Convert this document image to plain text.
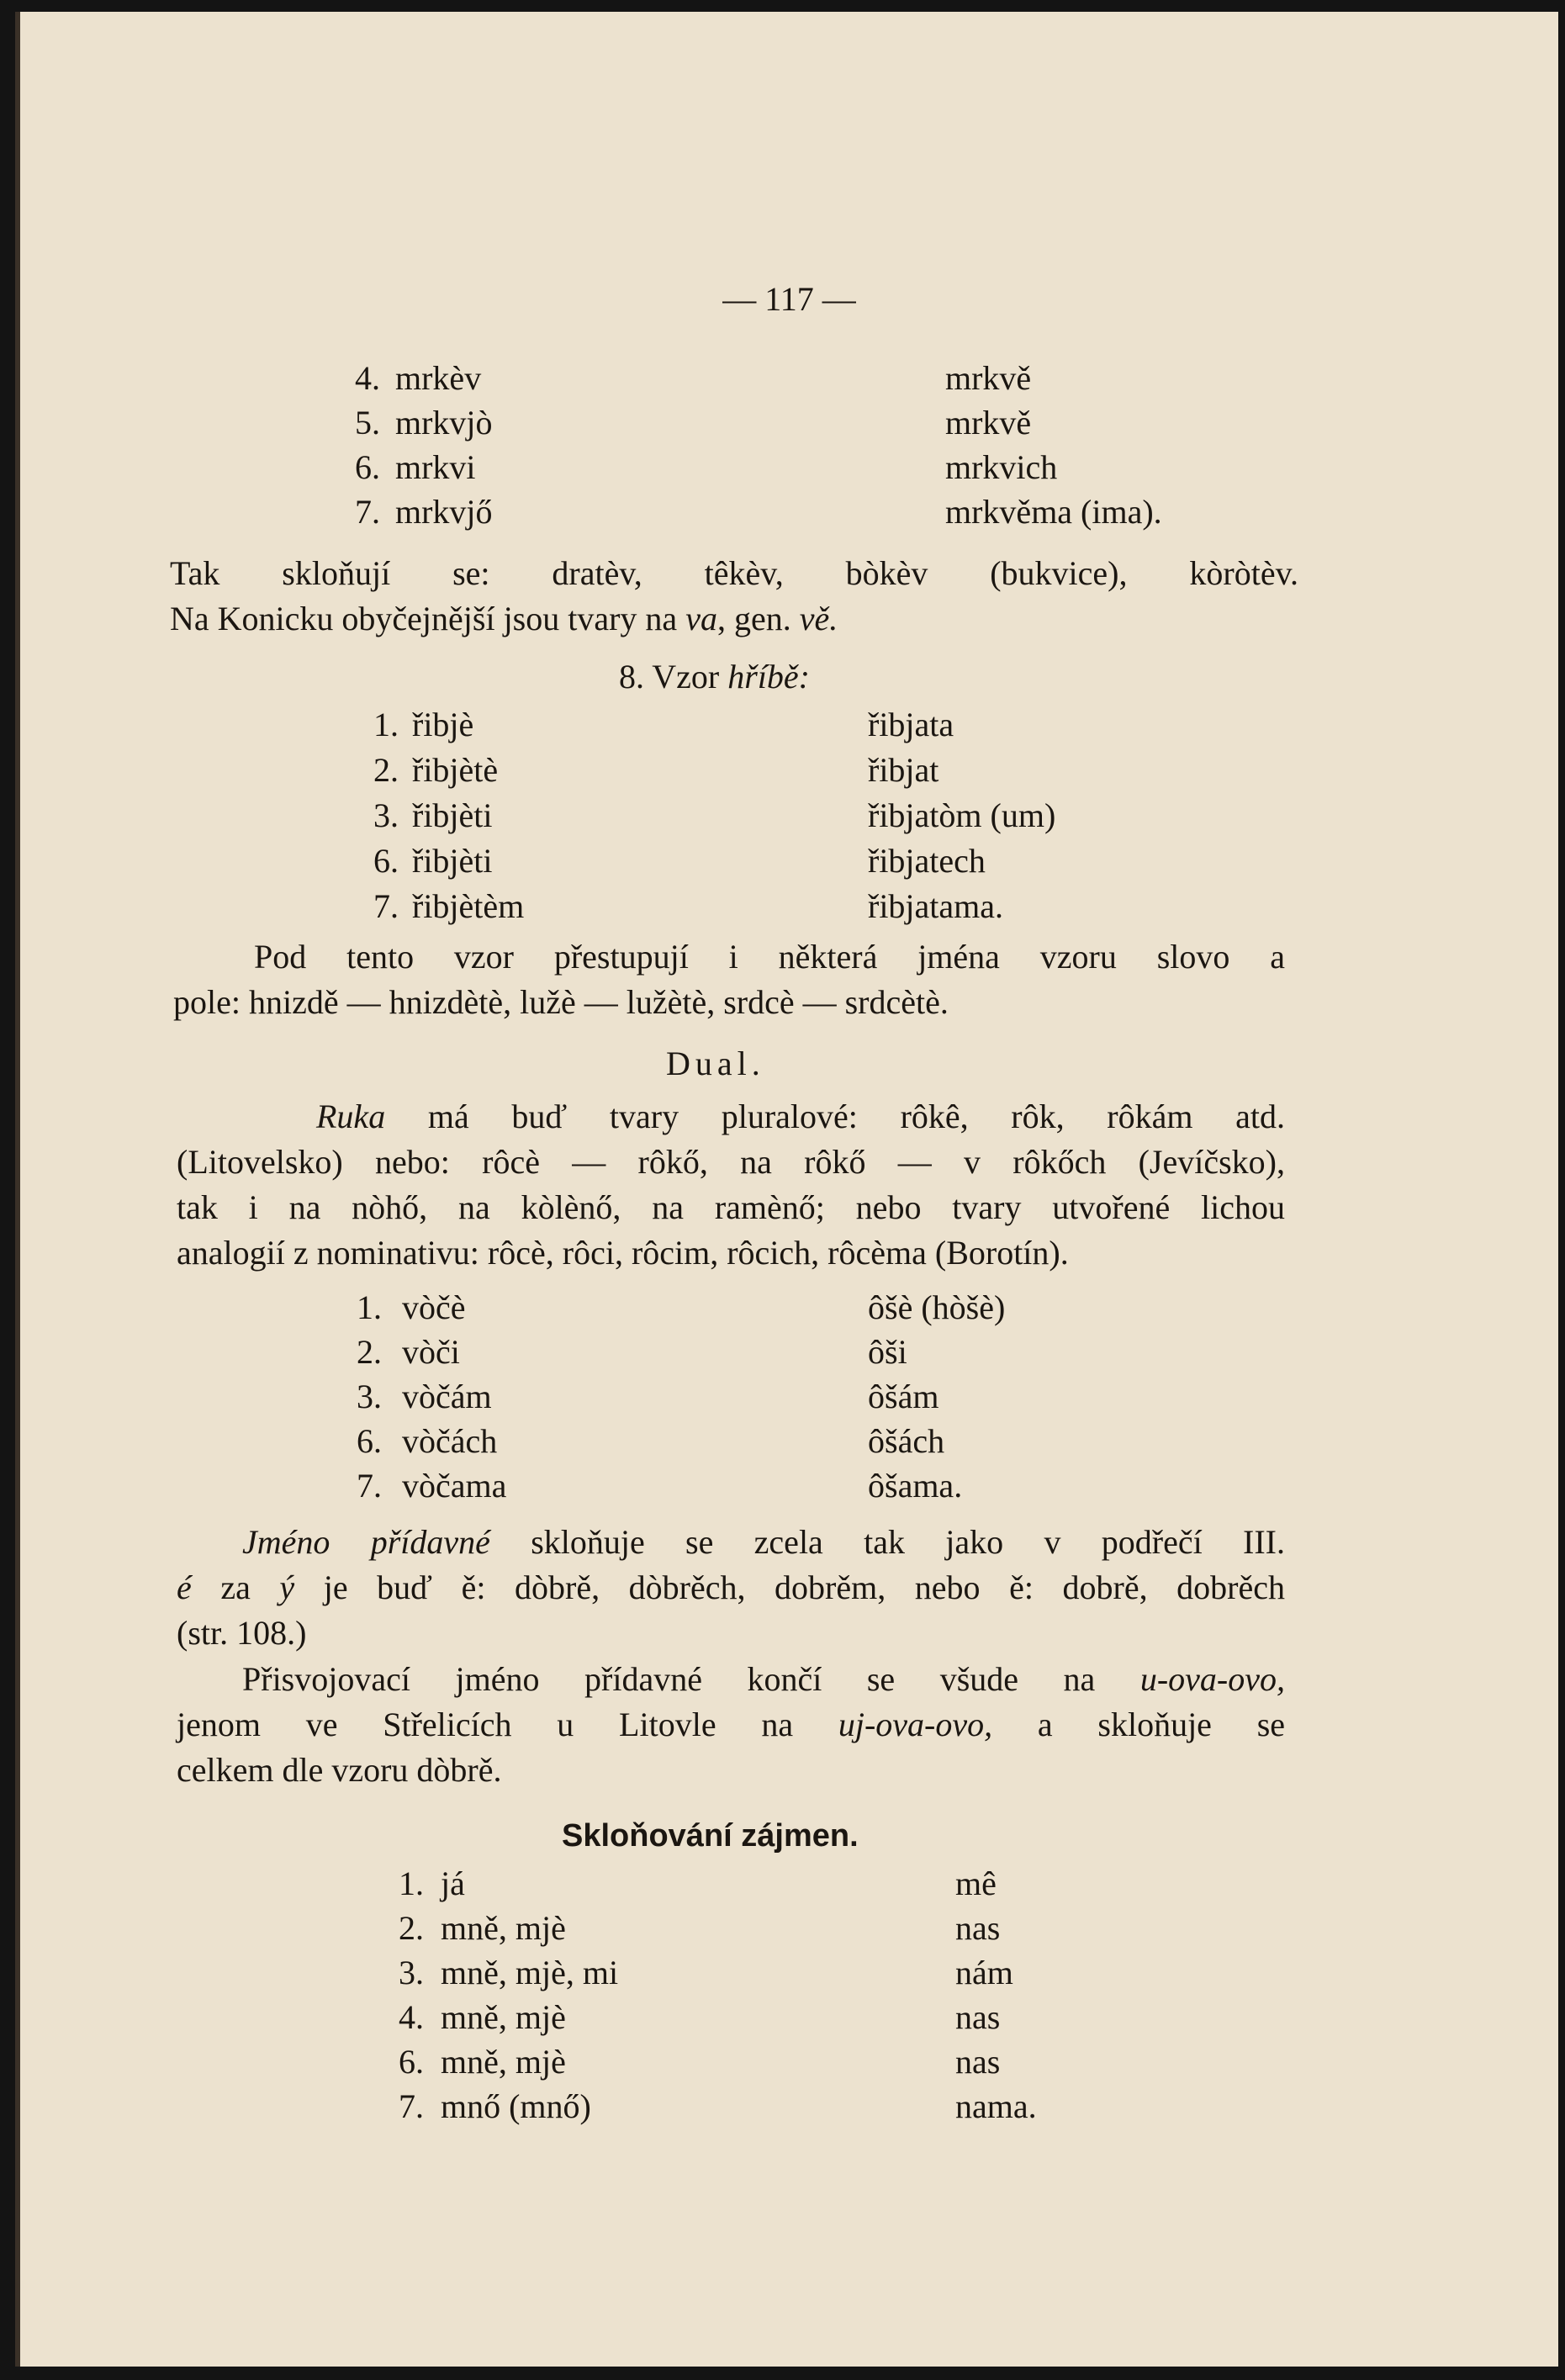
— 117 —
4. mrkèv	mrkvě
5. mrkvjò	mrkvě
6. mrkvi	mrkvich
7. mrkvjő	mrkvěma (ima).
Tak skloňují se: dratèv, têkèv, bòkèv (bukvice), kòròtèv.
Na Konicku obyčejnější jsou tvary na va, gen. vě.
8. Vzor hříbě:
1. řibjè	řibjata
2. řibjètè	řibjat
3. řibjèti	řibjatòm (um)
6. řibjèti	řibjatech
7. řibjètèm	řibjatama.
Pod tento vzor přestupují i některá jména vzoru slovo a
pole: hnizdě — hnizdètè, lužè — lužètè, srdcè — srdcètè.
Dual.
Ruka má buď tvary pluralové: rôkê, rôk, rôkám atd.
(Litovelsko) nebo: rôcè — rôkő, na rôkő — v rôkőch (Jevíčsko),
tak i na nòhő, na kòlènő, na ramènő; nebo tvary utvořené lichou
analogií z nominativu: rôcè, rôci, rôcim, rôcich, rôcèma (Borotín).
1. vòčè	ôšè (hòšè)
2. vòči	ôši
3. vòčám	ôšám
6. vòčách	ôšách
7. vòčama	ôšama.
Jméno přídavné skloňuje se zcela tak jako v podřečí III.
é za ý je buď ě: dòbrě, dòbrěch, dobrěm, nebo ě: dobrě, dobrěch
(str. 108.)
Přisvojovací jméno přídavné končí se všude na u-ova-ovo,
jenom ve Střelicích u Litovle na uj-ova-ovo, a skloňuje se
celkem dle vzoru dòbrě.
Skloňování zájmen.
1. já	mê
2. mně, mjè	nas
3. mně, mjè, mi	nám
4. mně, mjè	nas
6. mně, mjè	nas
7. mnő (mnő)	nama.
